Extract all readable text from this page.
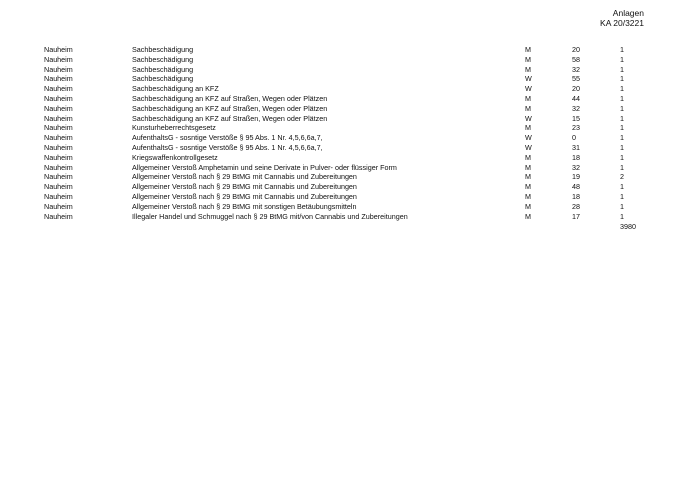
Anlagen
KA 20/3221
Nauheim	Sachbeschädigung	M	20	1
Nauheim	Sachbeschädigung	M	58	1
Nauheim	Sachbeschädigung	M	32	1
Nauheim	Sachbeschädigung	W	55	1
Nauheim	Sachbeschädigung an KFZ	W	20	1
Nauheim	Sachbeschädigung an KFZ auf Straßen, Wegen oder Plätzen	M	44	1
Nauheim	Sachbeschädigung an KFZ auf Straßen, Wegen oder Plätzen	M	32	1
Nauheim	Sachbeschädigung an KFZ auf Straßen, Wegen oder Plätzen	W	15	1
Nauheim	Kunsturheberrechtsgesetz	M	23	1
Nauheim	AufenthaltsG - sosntige Verstöße § 95 Abs. 1 Nr. 4,5,6,6a,7,	W	0	1
Nauheim	AufenthaltsG - sosntige Verstöße § 95 Abs. 1 Nr. 4,5,6,6a,7,	W	31	1
Nauheim	Kriegswaffenkontrollgesetz	M	18	1
Nauheim	Allgemeiner Verstoß Amphetamin und seine Derivate in Pulver- oder flüssiger Form	M	32	1
Nauheim	Allgemeiner Verstoß nach § 29 BtMG mit Cannabis und Zubereitungen	M	19	2
Nauheim	Allgemeiner Verstoß nach § 29 BtMG mit Cannabis und Zubereitungen	M	48	1
Nauheim	Allgemeiner Verstoß nach § 29 BtMG mit Cannabis und Zubereitungen	M	18	1
Nauheim	Allgemeiner Verstoß nach § 29 BtMG mit sonstigen Betäubungsmitteln	M	28	1
Nauheim	Illegaler Handel und Schmuggel nach § 29 BtMG mit/von Cannabis und Zubereitungen	M	17	1
3980
